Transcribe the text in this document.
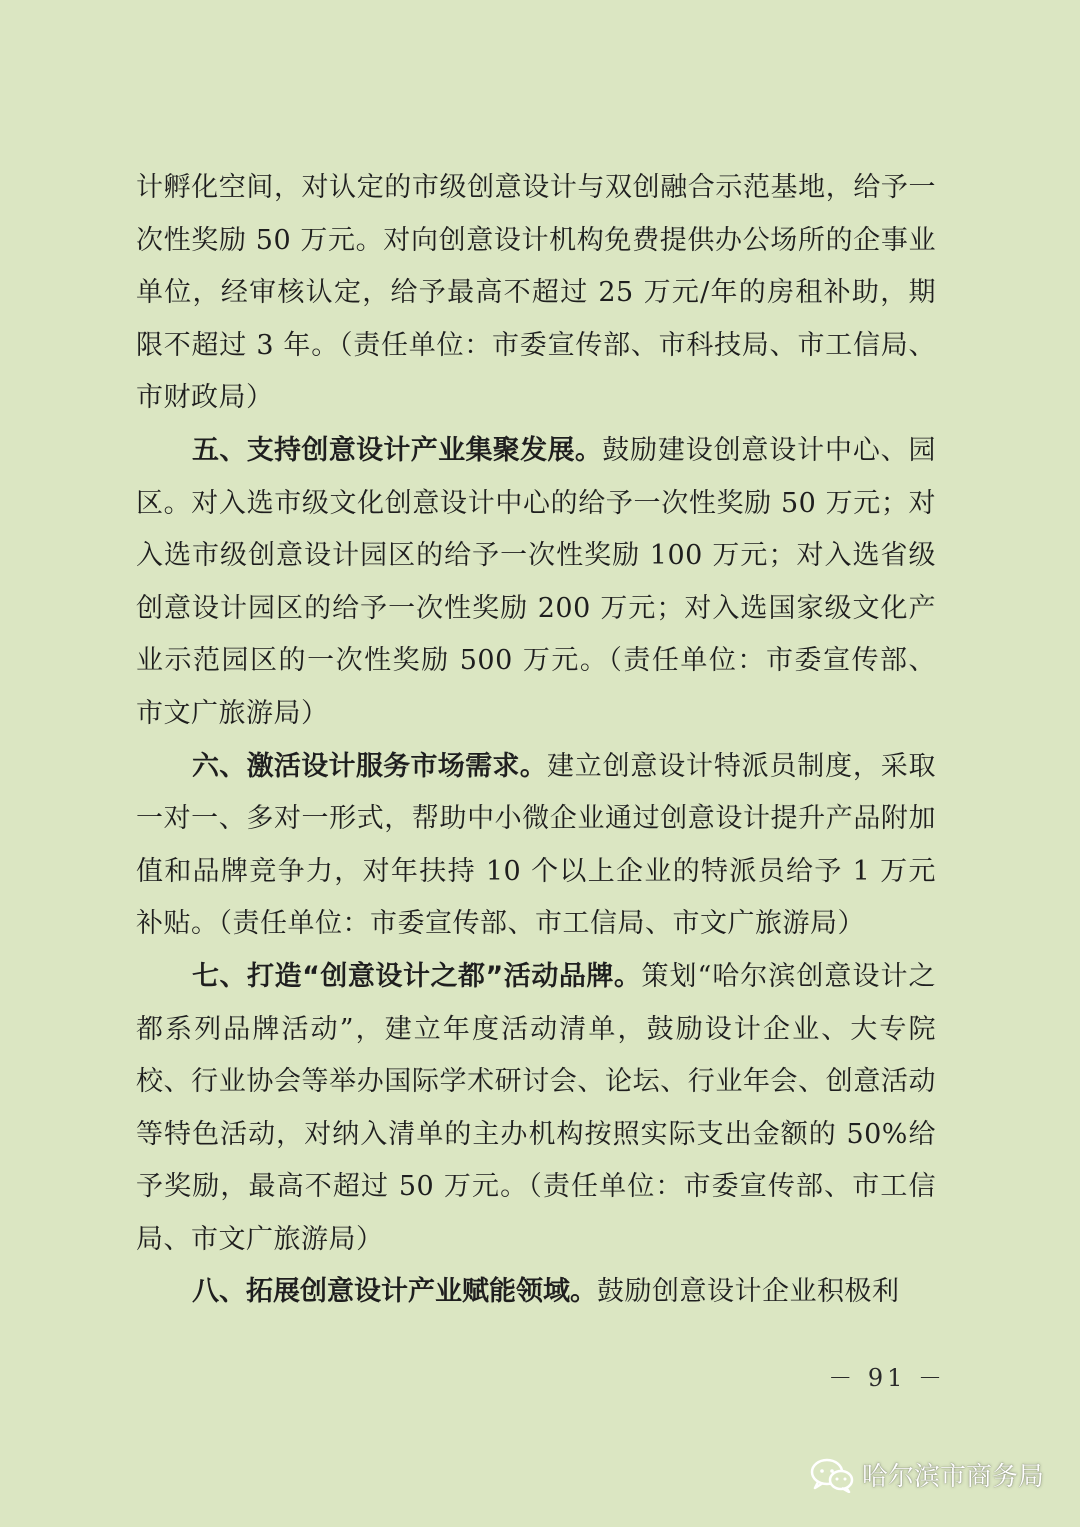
计孵化空间，对认定的市级创意设计与双创融合示范基地，给予一次性奖励 50 万元。对向创意设计机构免费提供办公场所的企事业单位，经审核认定，给予最高不超过 25 万元/年的房租补助，期限不超过 3 年。（责任单位：市委宣传部、市科技局、市工信局、市财政局）

五、支持创意设计产业集聚发展。鼓励建设创意设计中心、园区。对入选市级文化创意设计中心的给予一次性奖励 50 万元；对入选市级创意设计园区的给予一次性奖励 100 万元；对入选省级创意设计园区的给予一次性奖励 200 万元；对入选国家级文化产业示范园区的一次性奖励 500 万元。（责任单位：市委宣传部、市文广旅游局）

六、激活设计服务市场需求。建立创意设计特派员制度，采取一对一、多对一形式，帮助中小微企业通过创意设计提升产品附加值和品牌竞争力，对年扶持 10 个以上企业的特派员给予 1 万元补贴。（责任单位：市委宣传部、市工信局、市文广旅游局）

七、打造“创意设计之都”活动品牌。策划“哈尔滨创意设计之都系列品牌活动”，建立年度活动清单，鼓励设计企业、大专院校、行业协会等举办国际学术研讨会、论坛、行业年会、创意活动等特色活动，对纳入清单的主办机构按照实际支出金额的 50%给予奖励，最高不超过 50 万元。（责任单位：市委宣传部、市工信局、市文广旅游局）

八、拓展创意设计产业赋能领域。鼓励创意设计企业积极利

－ 91 －
哈尔滨市商务局
